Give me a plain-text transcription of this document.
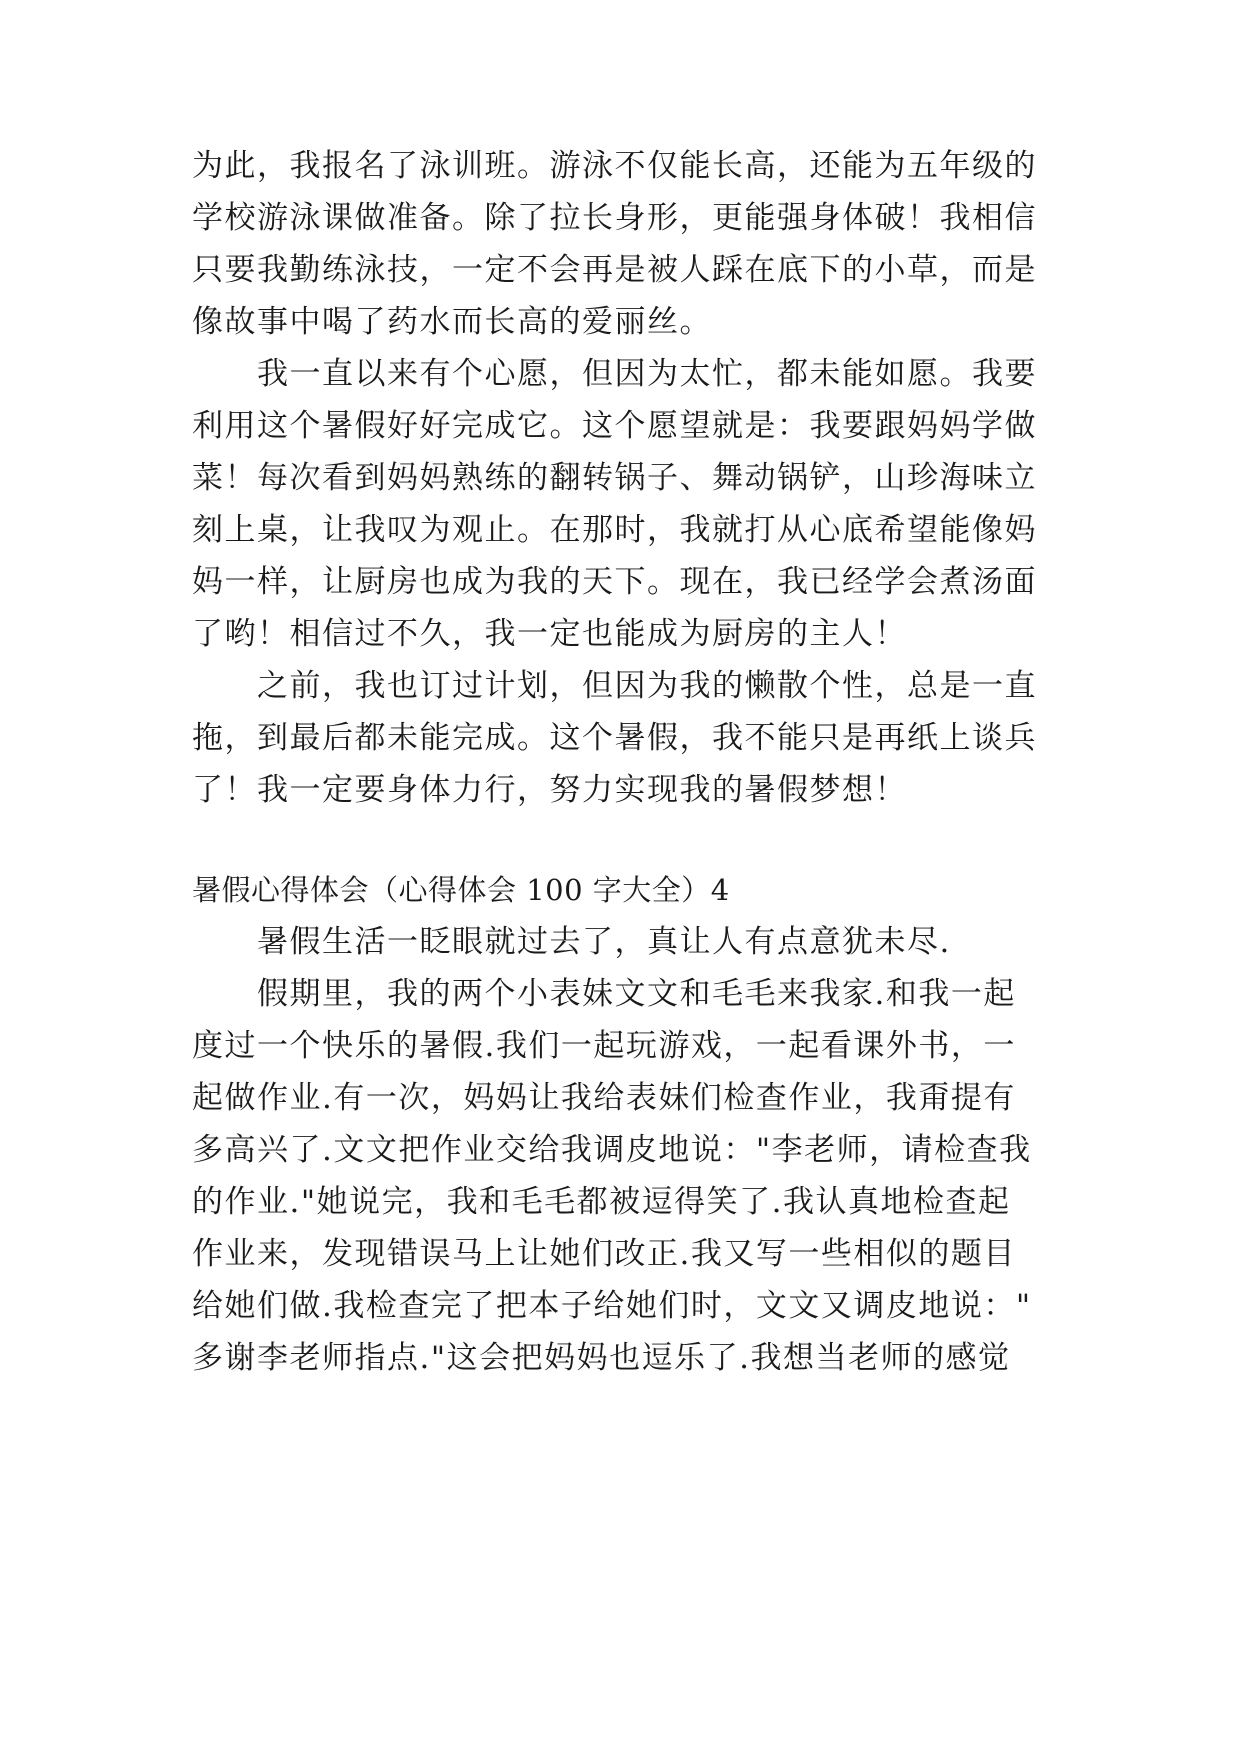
为此，我报名了泳训班。游泳不仅能长高，还能为五年级的
学校游泳课做准备。除了拉长身形，更能强身体破！我相信
只要我勤练泳技，一定不会再是被人踩在底下的小草，而是
像故事中喝了药水而长高的爱丽丝。
　　我一直以来有个心愿，但因为太忙，都未能如愿。我要
利用这个暑假好好完成它。这个愿望就是：我要跟妈妈学做
菜！每次看到妈妈熟练的翻转锅子、舞动锅铲，山珍海味立
刻上桌，让我叹为观止。在那时，我就打从心底希望能像妈
妈一样，让厨房也成为我的天下。现在，我已经学会煮汤面
了哟！相信过不久，我一定也能成为厨房的主人！
　　之前，我也订过计划，但因为我的懒散个性，总是一直
拖，到最后都未能完成。这个暑假，我不能只是再纸上谈兵
了！我一定要身体力行，努力实现我的暑假梦想！
暑假心得体会（心得体会 100 字大全）4
　　暑假生活一眨眼就过去了，真让人有点意犹未尽.
　　假期里，我的两个小表妹文文和毛毛来我家.和我一起
度过一个快乐的暑假.我们一起玩游戏，一起看课外书，一
起做作业.有一次，妈妈让我给表妹们检查作业，我甭提有
多高兴了.文文把作业交给我调皮地说："李老师，请检查我
的作业."她说完，我和毛毛都被逗得笑了.我认真地检查起
作业来，发现错误马上让她们改正.我又写一些相似的题目
给她们做.我检查完了把本子给她们时，文文又调皮地说："
多谢李老师指点."这会把妈妈也逗乐了.我想当老师的感觉
